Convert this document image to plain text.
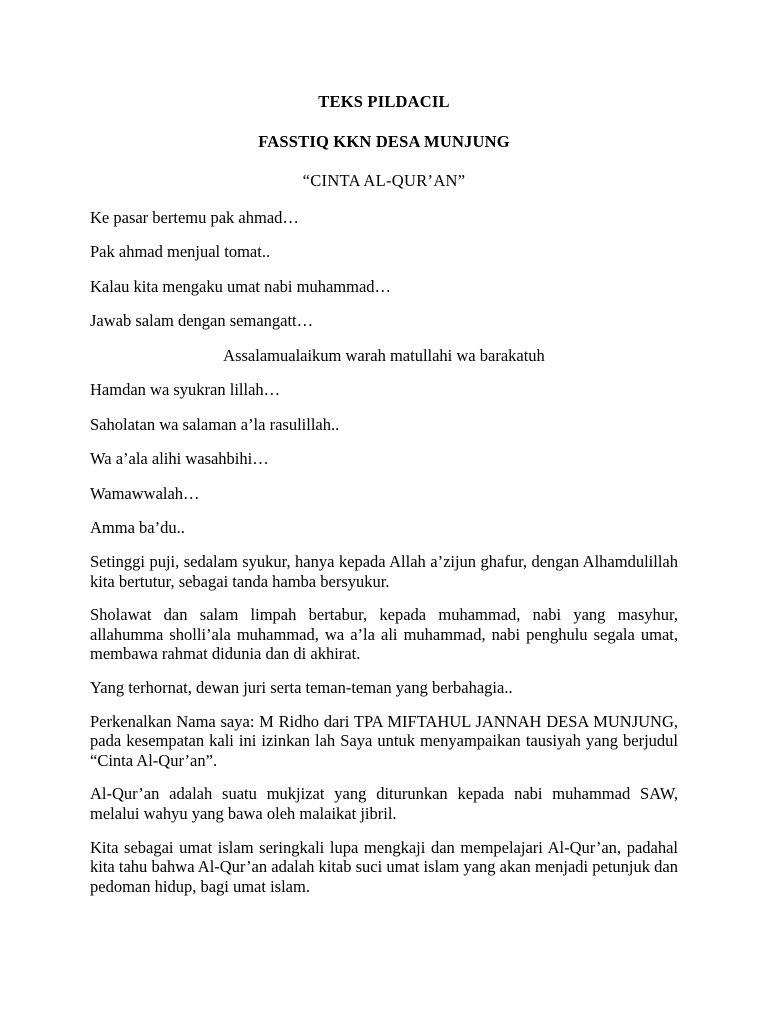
TEKS PILDACIL

FASSTIQ KKN DESA MUNJUNG

“CINTA AL-QUR’AN”

Ke pasar bertemu pak ahmad…

Pak ahmad menjual tomat..

Kalau kita mengaku umat nabi muhammad…

Jawab salam dengan semangatt…

Assalamualaikum warah matullahi wa barakatuh

Hamdan wa syukran lillah…

Saholatan wa salaman a’la rasulillah..

Wa a’ala alihi wasahbihi…

Wamawwalah…

Amma ba’du..

Setinggi puji, sedalam syukur, hanya kepada Allah a’zijun ghafur, dengan Alhamdulillah kita bertutur, sebagai tanda hamba bersyukur.

Sholawat dan salam limpah bertabur, kepada muhammad, nabi yang masyhur, allahumma sholli’ala muhammad, wa a’la ali muhammad, nabi penghulu segala umat, membawa rahmat didunia dan di akhirat.

Yang terhornat, dewan juri serta teman-teman yang berbahagia..

Perkenalkan Nama saya: M Ridho dari TPA MIFTAHUL JANNAH DESA MUNJUNG, pada kesempatan kali ini izinkan lah Saya untuk menyampaikan tausiyah yang berjudul “Cinta Al-Qur’an”.

Al-Qur’an adalah suatu mukjizat yang diturunkan kepada nabi muhammad SAW, melalui wahyu yang bawa oleh malaikat jibril.

Kita sebagai umat islam seringkali lupa mengkaji dan mempelajari Al-Qur’an, padahal kita tahu bahwa Al-Qur’an adalah kitab suci umat islam yang akan menjadi petunjuk dan pedoman hidup, bagi umat islam.
